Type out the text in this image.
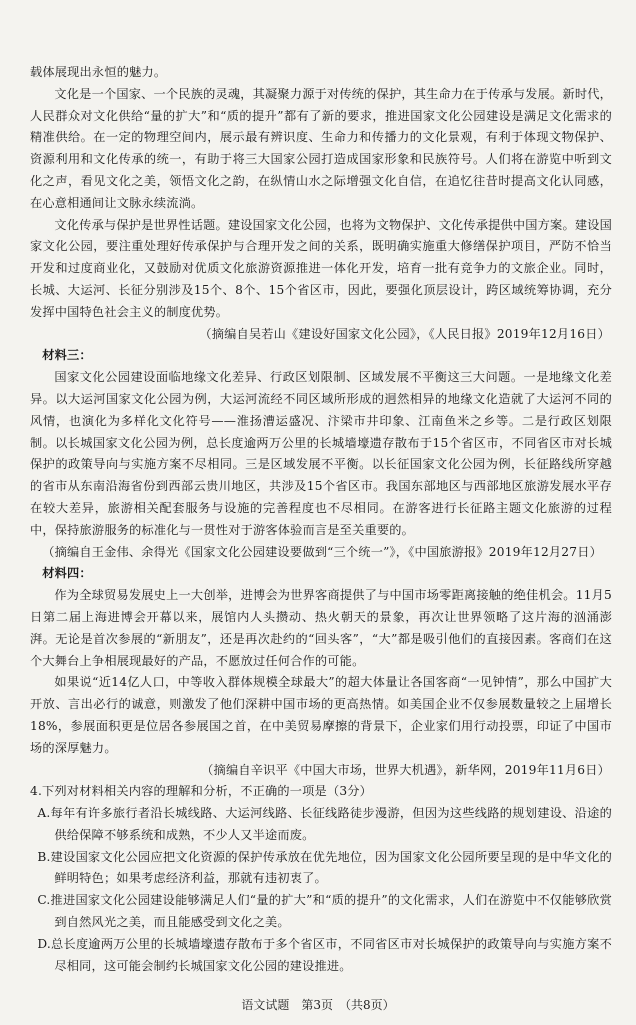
载体展现出永恒的魅力。

文化是一个国家、一个民族的灵魂，其凝聚力源于对传统的保护，其生命力在于传承与发展。新时代，人民群众对文化供给“量的扩大”和“质的提升”都有了新的要求，推进国家文化公园建设是满足文化需求的精准供给。在一定的物理空间内，展示最有辨识度、生命力和传播力的文化景观，有利于体现文物保护、资源利用和文化传承的统一，有助于将三大国家公园打造成国家形象和民族符号。人们将在游览中听到文化之声，看见文化之美，领悟文化之韵，在纵情山水之际增强文化自信，在追忆往昔时提高文化认同感，在心意相通间让文脉永续流淌。

文化传承与保护是世界性话题。建设国家文化公园，也将为文物保护、文化传承提供中国方案。建设国家文化公园，要注重处理好传承保护与合理开发之间的关系，既明确实施重大修缮保护项目，严防不恰当开发和过度商业化，又鼓励对优质文化旅游资源推进一体化开发，培育一批有竞争力的文旅企业。同时，长城、大运河、长征分别涉及15个、8个、15个省区市，因此，要强化顶层设计，跨区域统筹协调，充分发挥中国特色社会主义的制度优势。

（摘编自吴若山《建设好国家文化公园》，《人民日报》2019年12月16日）

材料三：

国家文化公园建设面临地缘文化差异、行政区划限制、区域发展不平衡这三大问题。一是地缘文化差异。以大运河国家文化公园为例，大运河流经不同区域所形成的迥然相异的地缘文化造就了大运河不同的风情，也演化为多样化文化符号——淮扬漕运盛况、汴梁市井印象、江南鱼米之乡等。二是行政区划限制。以长城国家文化公园为例，总长度逾两万公里的长城墙壕遗存散布于15个省区市，不同省区市对长城保护的政策导向与实施方案不尽相同。三是区域发展不平衡。以长征国家文化公园为例，长征路线所穿越的省市从东南沿海省份到西部云贵川地区，共涉及15个省区市。我国东部地区与西部地区旅游发展水平存在较大差异，旅游相关配套服务与设施的完善程度也不尽相同。在游客进行长征路主题文化旅游的过程中，保持旅游服务的标准化与一贯性对于游客体验而言是至关重要的。

（摘编自王金伟、余得光《国家文化公园建设要做到“三个统一”》，《中国旅游报》2019年12月27日）

材料四：

作为全球贸易发展史上一大创举，进博会为世界客商提供了与中国市场零距离接触的绝佳机会。11月5日第二届上海进博会开幕以来，展馆内人头攒动、热火朝天的景象，再次让世界领略了这片海的汹涌澎湃。无论是首次参展的“新朋友”，还是再次赴约的“回头客”，“大”都是吸引他们的直接因素。客商们在这个大舞台上争相展现最好的产品，不愿放过任何合作的可能。

如果说“近14亿人口，中等收入群体规模全球最大”的超大体量让各国客商“一见钟情”，那么中国扩大开放、言出必行的诚意，则激发了他们深耕中国市场的更高热情。如美国企业不仅参展数量较之上届增长18%，参展面积更是位居各参展国之首，在中美贸易摩擦的背景下，企业家们用行动投票，印证了中国市场的深厚魅力。

（摘编自辛识平《中国大市场，世界大机遇》，新华网，2019年11月6日）

4.下列对材料相关内容的理解和分析，不正确的一项是（3分）

A.每年有许多旅行者沿长城线路、大运河线路、长征线路徒步漫游，但因为这些线路的规划建设、沿途的供给保障不够系统和成熟，不少人又半途而废。

B.建设国家文化公园应把文化资源的保护传承放在优先地位，因为国家文化公园所要呈现的是中华文化的鲜明特色；如果考虑经济利益，那就有违初衷了。

C.推进国家文化公园建设能够满足人们“量的扩大”和“质的提升”的文化需求，人们在游览中不仅能够欣赏到自然风光之美，而且能感受到文化之美。

D.总长度逾两万公里的长城墙壕遗存散布于多个省区市，不同省区市对长城保护的政策导向与实施方案不尽相同，这可能会制约长城国家文化公园的建设推进。

语文试题　第3页　（共8页）
